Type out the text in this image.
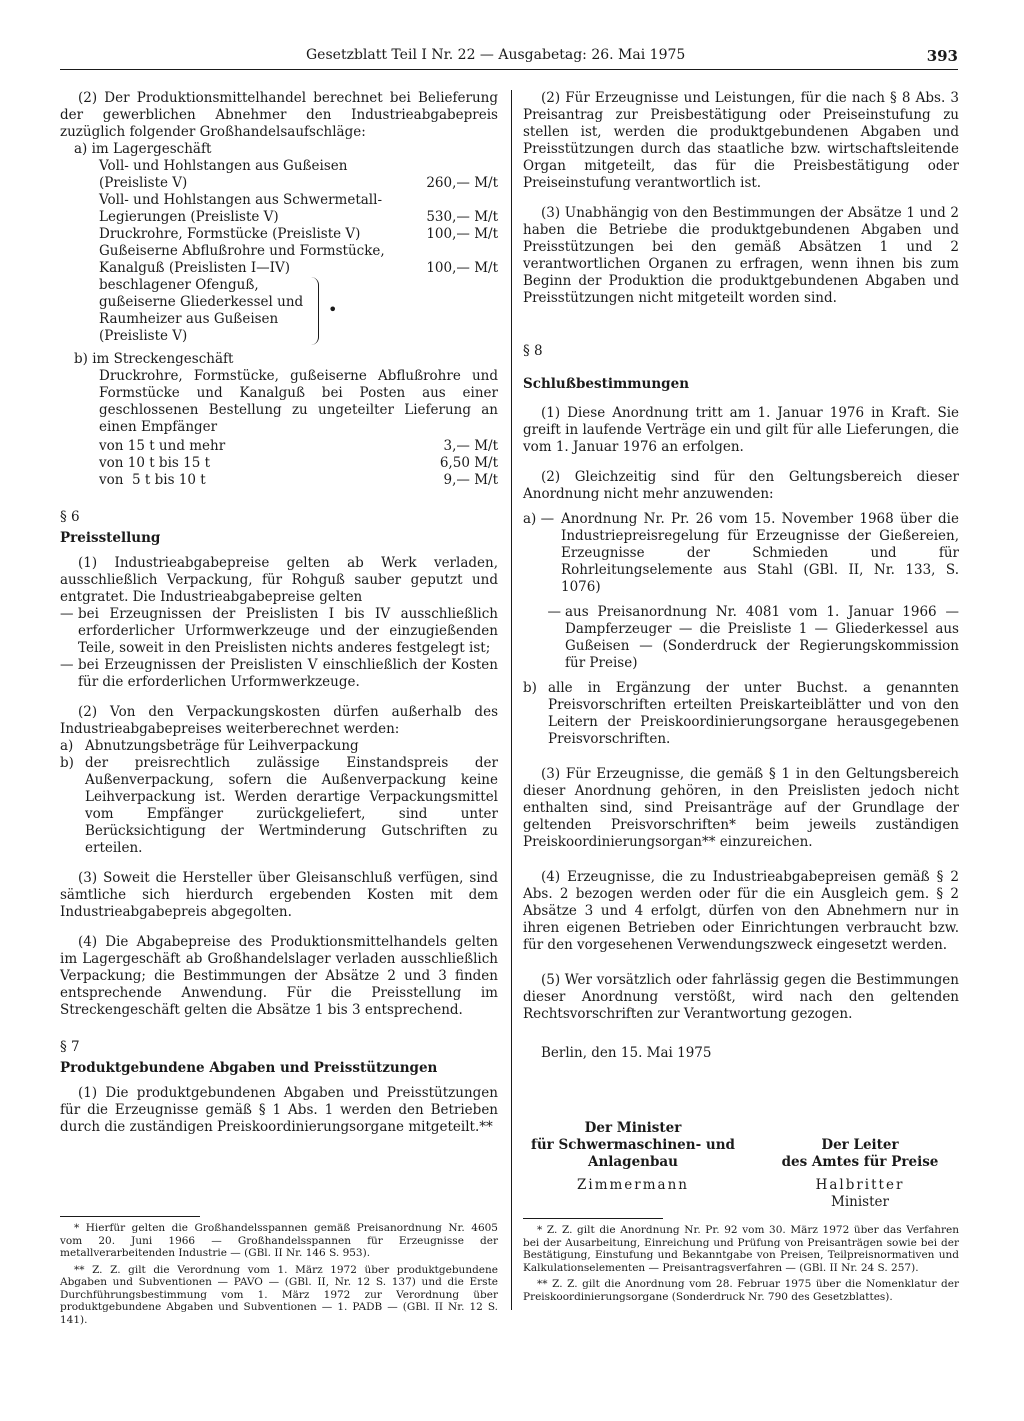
Gesetzblatt Teil I Nr. 22 — Ausgabetag: 26. Mai 1975	393

(2) Der Produktionsmittelhandel berechnet bei Belieferung der gewerblichen Abnehmer den Industrieabgabepreis zuzüglich folgender Großhandelsaufschläge:

a) im Lagergeschäft
Voll- und Hohlstangen aus Gußeisen (Preisliste V)	260,— M/t
Voll- und Hohlstangen aus Schwermetall-Legierungen (Preisliste V)	530,— M/t
Druckrohre, Formstücke (Preisliste V)	100,— M/t
Gußeiserne Abflußrohre und Formstücke, Kanalguß (Preislisten I—IV)	100,— M/t
beschlagener Ofenguß,
gußeiserne Gliederkessel und
Raumheizer aus Gußeisen
(Preisliste V)
•
b) im Streckengeschäft

Druckrohre, Formstücke, gußeiserne Abflußrohre und Formstücke und Kanalguß bei Posten aus einer geschlossenen Bestellung zu ungeteilter Lieferung an einen Empfänger

von 15 t und mehr	3,— M/t
von 10 t bis 15 t	6,50 M/t
von  5 t bis 10 t	9,— M/t

§ 6

Preisstellung

(1) Industrieabgabepreise gelten ab Werk verladen, ausschließlich Verpackung, für Rohguß sauber geputzt und entgratet. Die Industrieabgabepreise gelten

— bei Erzeugnissen der Preislisten I bis IV ausschließlich erforderlicher Urformwerkzeuge und der einzugießenden Teile, soweit in den Preislisten nichts anderes festgelegt ist;

— bei Erzeugnissen der Preislisten V einschließlich der Kosten für die erforderlichen Urformwerkzeuge.

(2) Von den Verpackungskosten dürfen außerhalb des Industrieabgabepreises weiterberechnet werden:

a) Abnutzungsbeträge für Leihverpackung
b) der preisrechtlich zulässige Einstandspreis der Außenverpackung, sofern die Außenverpackung keine Leihverpackung ist. Werden derartige Verpackungsmittel vom Empfänger zurückgeliefert, sind unter Berücksichtigung der Wertminderung Gutschriften zu erteilen.

(3) Soweit die Hersteller über Gleisanschluß verfügen, sind sämtliche sich hierdurch ergebenden Kosten mit dem Industrieabgabepreis abgegolten.

(4) Die Abgabepreise des Produktionsmittelhandels gelten im Lagergeschäft ab Großhandelslager verladen ausschließlich Verpackung; die Bestimmungen der Absätze 2 und 3 finden entsprechende Anwendung. Für die Preisstellung im Streckengeschäft gelten die Absätze 1 bis 3 entsprechend.

§ 7

Produktgebundene Abgaben und Preisstützungen

(1) Die produktgebundenen Abgaben und Preisstützungen für die Erzeugnisse gemäß § 1 Abs. 1 werden den Betrieben durch die zuständigen Preiskoordinierungsorgane mitgeteilt.**

* Hierfür gelten die Großhandelsspannen gemäß Preisanordnung Nr. 4605 vom 20. Juni 1966 — Großhandelsspannen für Erzeugnisse der metallverarbeitenden Industrie — (GBl. II Nr. 146 S. 953).

** Z. Z. gilt die Verordnung vom 1. März 1972 über produktgebundene Abgaben und Subventionen — PAVO — (GBl. II, Nr. 12 S. 137) und die Erste Durchführungsbestimmung vom 1. März 1972 zur Verordnung über produktgebundene Abgaben und Subventionen — 1. PADB — (GBl. II Nr. 12 S. 141).

(2) Für Erzeugnisse und Leistungen, für die nach § 8 Abs. 3 Preisantrag zur Preisbestätigung oder Preiseinstufung zu stellen ist, werden die produktgebundenen Abgaben und Preisstützungen durch das staatliche bzw. wirtschaftsleitende Organ mitgeteilt, das für die Preisbestätigung oder Preiseinstufung verantwortlich ist.

(3) Unabhängig von den Bestimmungen der Absätze 1 und 2 haben die Betriebe die produktgebundenen Abgaben und Preisstützungen bei den gemäß Absätzen 1 und 2 verantwortlichen Organen zu erfragen, wenn ihnen bis zum Beginn der Produktion die produktgebundenen Abgaben und Preisstützungen nicht mitgeteilt worden sind.

§ 8

Schlußbestimmungen

(1) Diese Anordnung tritt am 1. Januar 1976 in Kraft. Sie greift in laufende Verträge ein und gilt für alle Lieferungen, die vom 1. Januar 1976 an erfolgen.

(2) Gleichzeitig sind für den Geltungsbereich dieser Anordnung nicht mehr anzuwenden:

a) — Anordnung Nr. Pr. 26 vom 15. November 1968 über die Industriepreisregelung für Erzeugnisse der Gießereien, Erzeugnisse der Schmieden und für Rohrleitungselemente aus Stahl (GBl. II, Nr. 133, S. 1076)
— aus Preisanordnung Nr. 4081 vom 1. Januar 1966 — Dampferzeuger — die Preisliste 1 — Gliederkessel aus Gußeisen — (Sonderdruck der Regierungskommission für Preise)
b) alle in Ergänzung der unter Buchst. a genannten Preisvorschriften erteilten Preiskarteiblätter und von den Leitern der Preiskoordinierungsorgane herausgegebenen Preisvorschriften.

(3) Für Erzeugnisse, die gemäß § 1 in den Geltungsbereich dieser Anordnung gehören, in den Preislisten jedoch nicht enthalten sind, sind Preisanträge auf der Grundlage der geltenden Preisvorschriften* beim jeweils zuständigen Preiskoordinierungsorgan** einzureichen.

(4) Erzeugnisse, die zu Industrieabgabepreisen gemäß § 2 Abs. 2 bezogen werden oder für die ein Ausgleich gem. § 2 Absätze 3 und 4 erfolgt, dürfen von den Abnehmern nur in ihren eigenen Betrieben oder Einrichtungen verbraucht bzw. für den vorgesehenen Verwendungszweck eingesetzt werden.

(5) Wer vorsätzlich oder fahrlässig gegen die Bestimmungen dieser Anordnung verstößt, wird nach den geltenden Rechtsvorschriften zur Verantwortung gezogen.

Berlin, den 15. Mai 1975

Der Minister
für Schwermaschinen- und
Anlagenbau
Zimmermann
Der Leiter
des Amtes für Preise
Halbritter
Minister

* Z. Z. gilt die Anordnung Nr. Pr. 92 vom 30. März 1972 über das Verfahren bei der Ausarbeitung, Einreichung und Prüfung von Preisanträgen sowie bei der Bestätigung, Einstufung und Bekanntgabe von Preisen, Teilpreisnormativen und Kalkulationselementen — Preisantragsverfahren — (GBl. II Nr. 24 S. 257).

** Z. Z. gilt die Anordnung vom 28. Februar 1975 über die Nomenklatur der Preiskoordinierungsorgane (Sonderdruck Nr. 790 des Gesetzblattes).
